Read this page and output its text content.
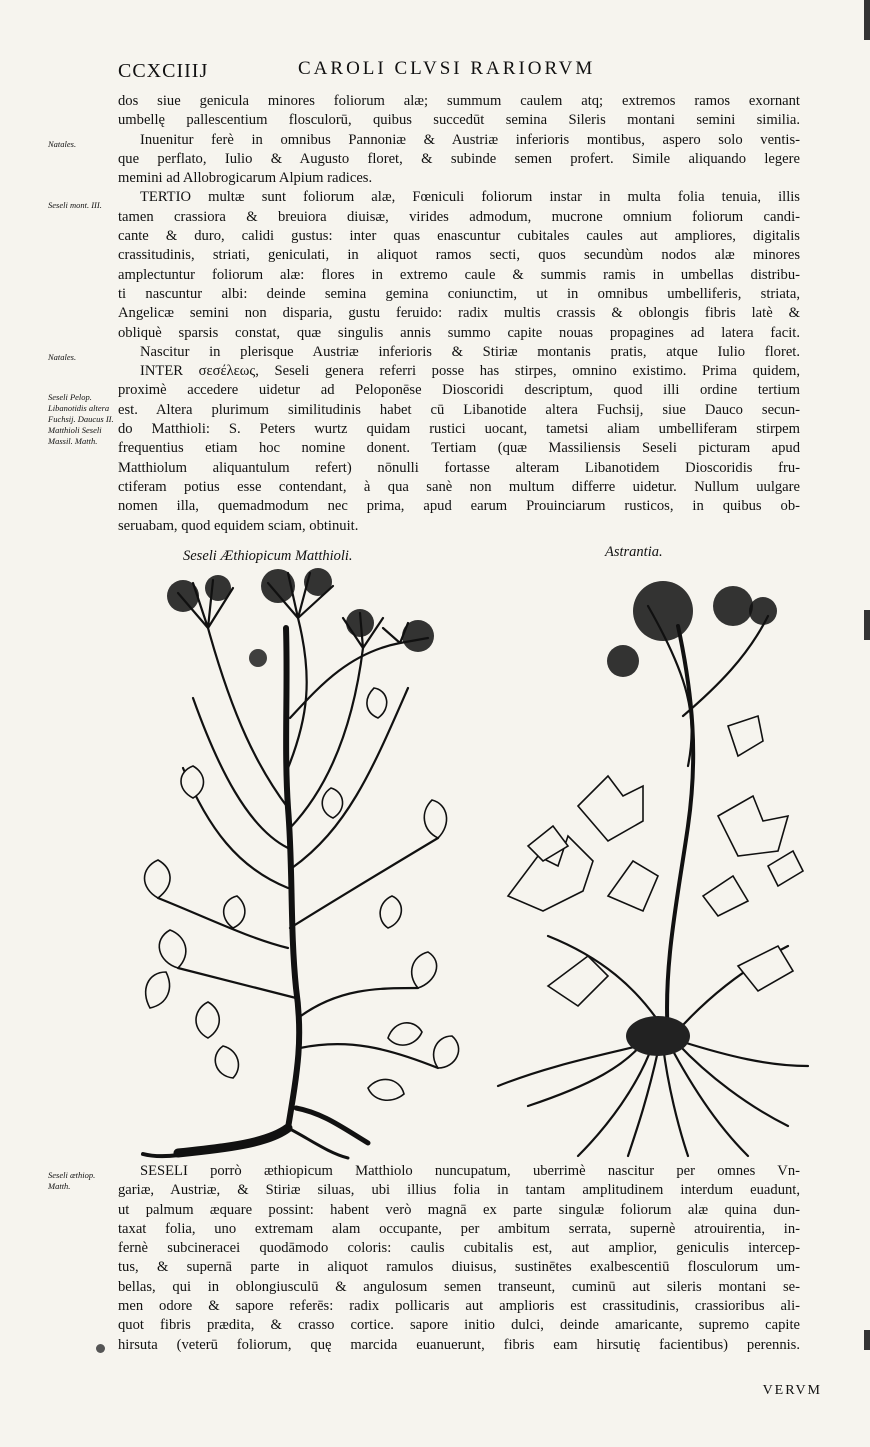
CCXCIIIJ	CAROLI CLVSI RARIORVM
Natales.
Seseli mont. III.
Natales.
Seseli Pelop. Libanotidis altera Fuchsij. Daucus II. Matthioli Seseli Massil. Matth.
Seseli æthiop. Matth.
dos siue genicula minores foliorum alæ; summum caulem atq; extremos ramos exornant
umbellę pallescentium flosculorū, quibus succedūt semina Sileris montani semini similia.
Inuenitur ferè in omnibus Pannoniæ & Austriæ inferioris montibus, aspero solo ventis-
que perflato, Iulio & Augusto floret, & subinde semen profert. Simile aliquando legere
memini ad Allobrogicarum Alpium radices.
TERTIO multæ sunt foliorum alæ, Fœniculi foliorum instar in multa folia tenuia, illis
tamen crassiora & breuiora diuisæ, virides admodum, mucrone omnium foliorum candi-
cante & duro, calidi gustus: inter quas enascuntur cubitales caules aut ampliores, digitalis
crassitudinis, striati, geniculati, in aliquot ramos secti, quos secundùm nodos alæ minores
amplectuntur foliorum alæ: flores in extremo caule & summis ramis in umbellas distribu-
ti nascuntur albi: deinde semina gemina coniunctim, ut in omnibus umbelliferis, striata,
Angelicæ semini non disparia, gustu feruido: radix multis crassis & oblongis fibris latè &
obliquè sparsis constat, quæ singulis annis summo capite nouas propagines ad latera facit.
Nascitur in plerisque Austriæ inferioris & Stiriæ montanis pratis, atque Iulio floret.
INTER σεσέλεως, Seseli genera referri posse has stirpes, omnino existimo. Prima quidem,
proximè accedere uidetur ad Peloponēse Dioscoridi descriptum, quod illi ordine tertium
est. Altera plurimum similitudinis habet cū Libanotide altera Fuchsij, siue Dauco secun-
do Matthioli: S. Peters wurtz quidam rustici uocant, tametsi aliam umbelliferam stirpem
frequentius etiam hoc nomine donent. Tertiam (quæ Massiliensis Seseli picturam apud
Matthiolum aliquantulum refert) nōnulli fortasse alteram Libanotidem Dioscoridis fru-
ctiferam potius esse contendant, à qua sanè non multum differre uidetur. Nullum uulgare
nomen illa, quemadmodum nec prima, apud earum Prouinciarum rusticos, in quibus ob-
seruabam, quod equidem sciam, obtinuit.
Seseli Æthiopicum Matthioli.	Astrantia.
SESELI porrò æthiopicum Matthiolo nuncupatum, uberrimè nascitur per omnes Vn-
gariæ, Austriæ, & Stiriæ siluas, ubi illius folia in tantam amplitudinem interdum euadunt,
ut palmum æquare possint: habent verò magnā ex parte singulæ foliorum alæ quina dun-
taxat folia, uno extremam alam occupante, per ambitum serrata, supernè atrouirentia, in-
fernè subcineracei quodāmodo coloris: caulis cubitalis est, aut amplior, geniculis intercep-
tus, & supernā parte in aliquot ramulos diuisus, sustinētes exalbescentiū flosculorum um-
bellas, qui in oblongiusculū & angulosum semen transeunt, cuminū aut sileris montani se-
men odore & sapore referēs: radix pollicaris aut amplioris est crassitudinis, crassioribus ali-
quot fibris prædita, & crasso cortice. sapore initio dulci, deinde amaricante, supremo capite
hirsuta (veterū foliorum, quę marcida euanuerunt, fibris eam hirsutię facientibus) perennis.
VERVM
